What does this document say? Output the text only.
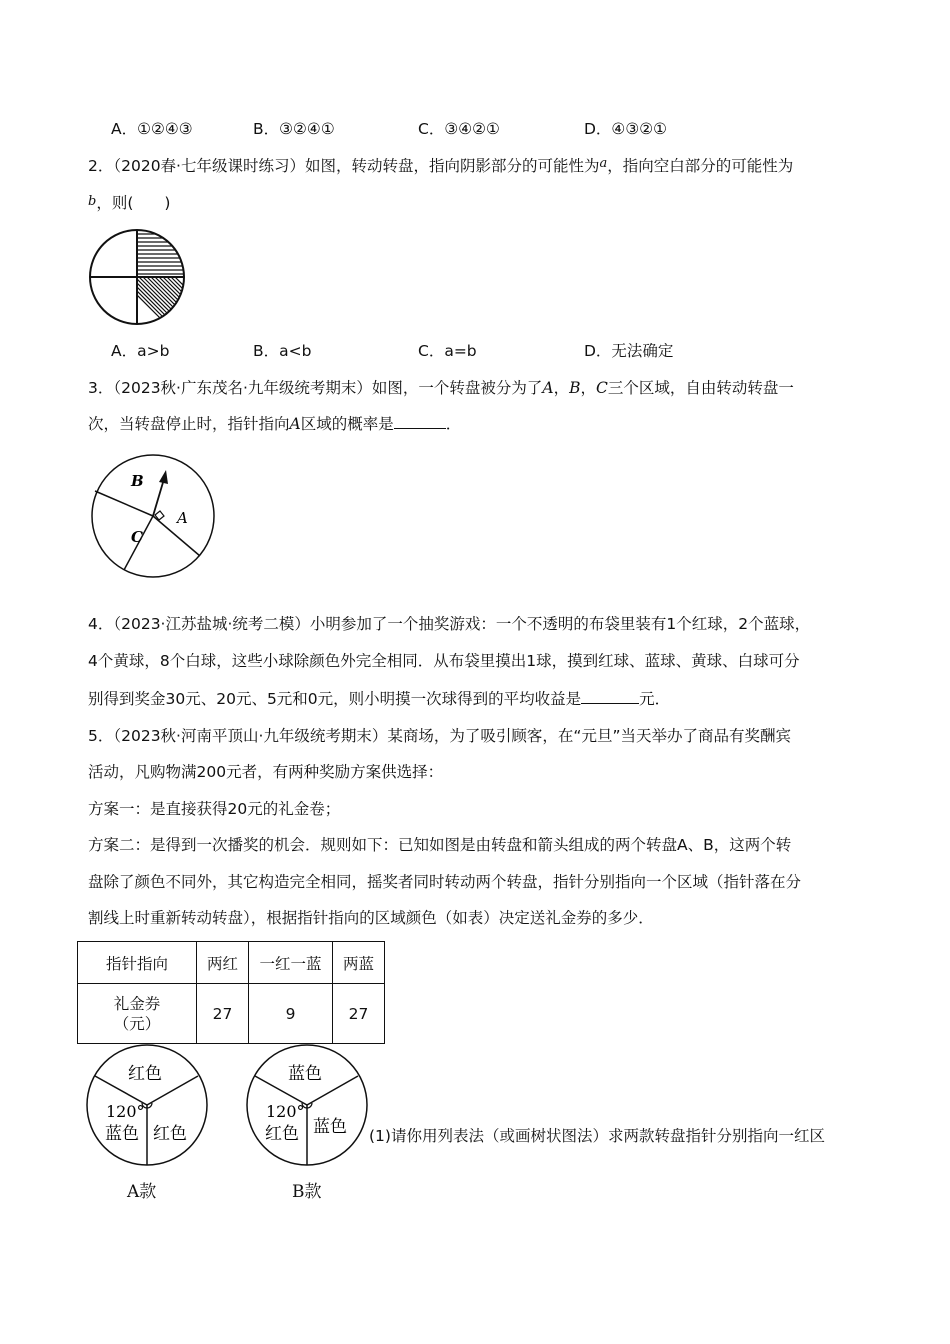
A．①②④③	B．③②④①	C．③④②①	D．④③②①
2．（2020春·七年级课时练习）如图，转动转盘，指向阴影部分的可能性为$^a$，指向空白部分的可能性为
b，则(　　)
A．a>b	B．a<b	C．a=b	D．无法确定
3．（2023秋·广东茂名·九年级统考期末）如图，一个转盘被分为了A，B，C三个区域，自由转动转盘一
次，当转盘停止时，指针指向A区域的概率是	．
B
A
C
4．（2023·江苏盐城·统考二模）小明参加了一个抽奖游戏：一个不透明的布袋里装有1个红球，2个蓝球，
4个黄球，8个白球，这些小球除颜色外完全相同．从布袋里摸出1球，摸到红球、蓝球、黄球、白球可分
别得到奖金30元、20元、5元和0元，则小明摸一次球得到的平均收益是	元．
5．（2023秋·河南平顶山·九年级统考期末）某商场，为了吸引顾客，在“元旦”当天举办了商品有奖酬宾
活动，凡购物满200元者，有两种奖励方案供选择：
方案一：是直接获得20元的礼金卷；
方案二：是得到一次播奖的机会．规则如下：已知如图是由转盘和箭头组成的两个转盘A、B，这两个转
盘除了颜色不同外，其它构造完全相同，摇奖者同时转动两个转盘，指针分别指向一个区域（指针落在分
割线上时重新转动转盘），根据指针指向的区域颜色（如表）决定送礼金券的多少．
指针指向	两红	一红一蓝	两蓝

礼金券
（元）	27	9	27
红色
120°
蓝色 红色
A款
蓝色
120°
红色 蓝色
B款
(1)请你用列表法（或画树状图法）求两款转盘指针分别指向一红区
